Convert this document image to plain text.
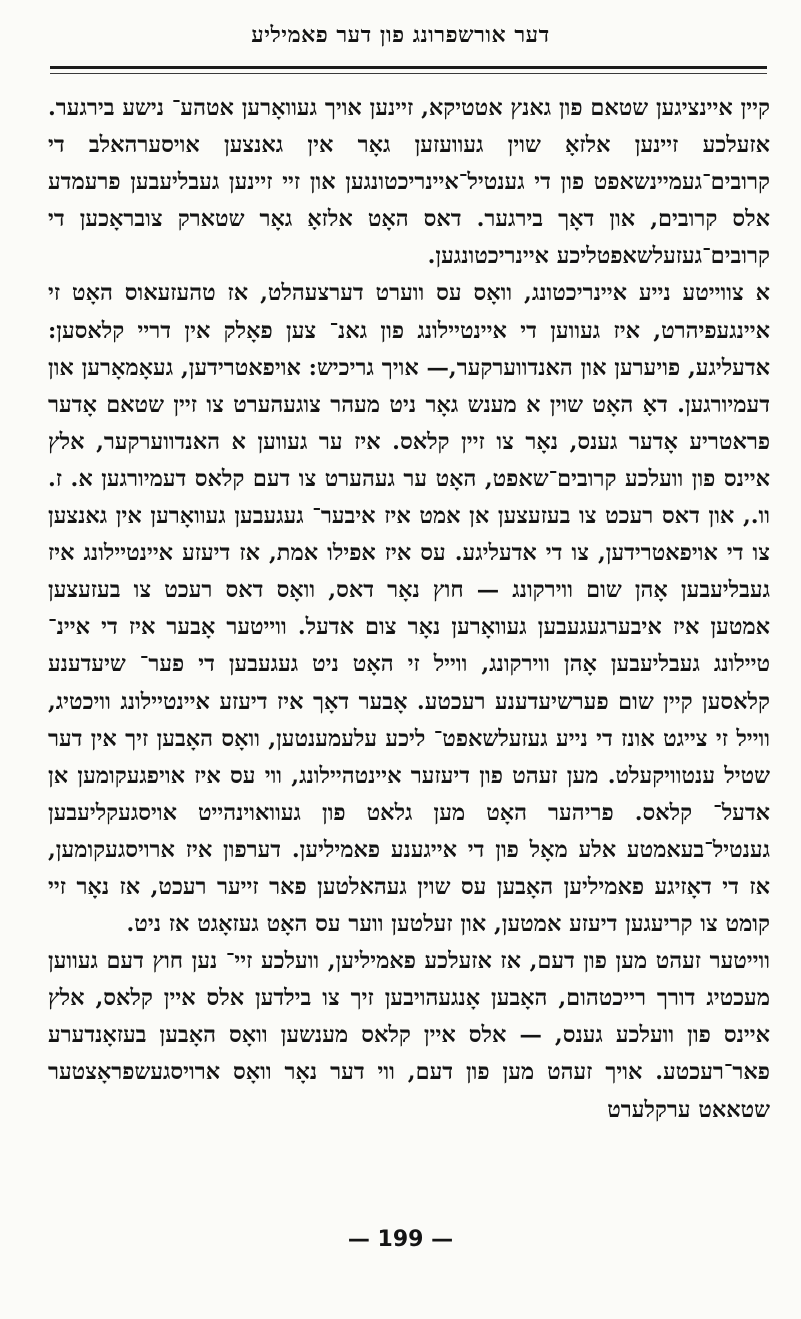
דער אורשפרונג פון דער פאמיליע

קיין איינציגען שטאם פון גאנץ אטטיקא, זיינען אויך געוואָרען אטהע־ נישע בירגער. אזעלכע זיינען אלזאָ שוין געוועזען גאָר אין גאנצען אויסערהאלב די קרובים־געמיינשאפט פון די גענטיל־איינריכטונגען און זיי זיינען געבליעבען פרעמדע אלס קרובים, און דאָך בירגער. דאס האָט אלזאָ גאָר שטארק צובראָכען די קרובים־געזעלשאפטליכע איינריכטונגען.

א צווייטע נייע איינריכטונג, וואָס עס ווערט דערצעהלט, אז טהעזעאוס האָט זי איינגעפיהרט, איז געווען די איינטיילונג פון גאנ־ צען פאָלק אין דריי קלאסען: אדעליגע, פויערען און האנדווערקער,— אויך גריכיש: אויפאטרידען, געאָמאָרען און דעמיורגען. דאָ האָט שוין א מענש גאָר ניט מעהר צוגעהערט צו זיין שטאם אָדער פראטריע אָדער גענס, נאָר צו זיין קלאס. איז ער געווען א האנדווערקער, אלץ איינס פון וועלכע קרובים־שאפט, האָט ער געהערט צו דעם קלאס דעמיורגען א. ז. וו., און דאס רעכט צו בעזעצען אן אמט איז איבער־ געגעבען געוואָרען אין גאנצען צו די אויפאטרידען, צו די אדעליגע. עס איז אפילו אמת, אז דיעזע איינטיילונג איז געבליעבען אָהן שום ווירקונג — חוץ נאָר דאס, וואָס דאס רעכט צו בעזעצען אמטען איז איבערגעגעבען געוואָרען נאָר צום אדעל. ווייטער אָבער איז די איינ־ טיילונג געבליעבען אָהן ווירקונג, ווייל זי האָט ניט געגעבען די פער־ שיעדענע קלאסען קיין שום פערשיעדענע רעכטע. אָבער דאָך איז דיעזע איינטיילונג וויכטיג, ווייל זי צייגט אונז די נייע געזעלשאפט־ ליכע עלעמענטען, וואָס האָבען זיך אין דער שטיל ענטוויקעלט. מען זעהט פון דיעזער איינטהיילונג, ווי עס איז אויפגעקומען אן אדעל־ קלאס. פריהער האָט מען גלאט פון געוואוינהייט אויסגעקליעבען גענטיל־בעאמטע אלע מאָל פון די אייגענע פאמיליען. דערפון איז ארויסגעקומען, אז די דאָזיגע פאמיליען האָבען עס שוין געהאלטען פאר זייער רעכט, אז נאָר זיי קומט צו קריעגען דיעזע אמטען, און זעלטען ווער עס האָט געזאָגט אז ניט.

ווייטער זעהט מען פון דעם, אז אזעלכע פאמיליען, וועלכע זיי־ נען חוץ דעם געווען מעכטיג דורך רייכטהום, האָבען אָנגעהויבען זיך צו בילדען אלס איין קלאס, אלץ איינס פון וועלכע גענס, — אלס איין קלאס מענשען וואָס האָבען בעזאָנדערע פאר־רעכטע. אויך זעהט מען פון דעם, ווי דער נאָר וואָס ארויסגעשפראָצטער שטאאט ערקלערט

— 199 —
